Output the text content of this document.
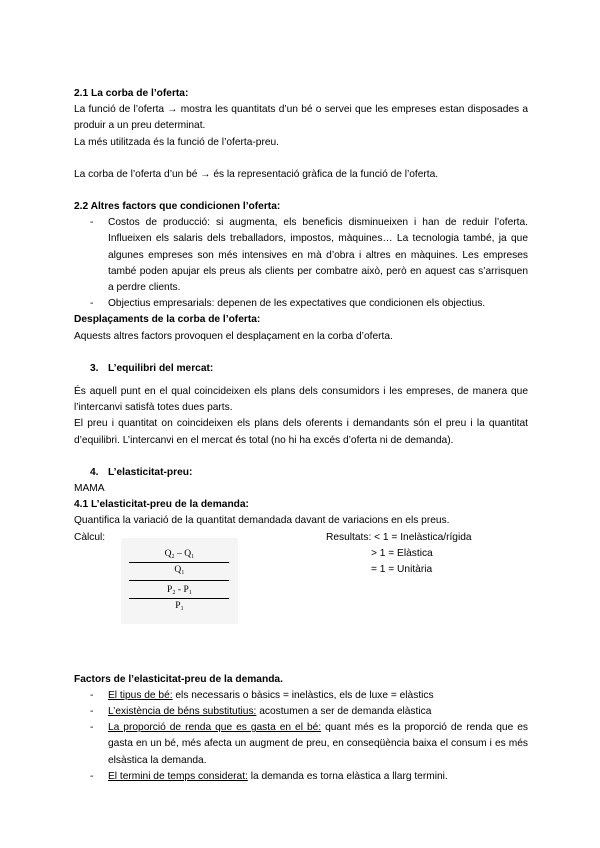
2.1 La corba de l’oferta:

La funció de l’oferta → mostra les quantitats d’un bé o servei que les empreses estan disposades a produir a un preu determinat.

La més utilitzada és la funció de l’oferta-preu.

La corba de l’oferta d’un bé → és la representació gràfica de la funció de l’oferta.

2.2 Altres factors que condicionen l’oferta:

- Costos de producció: si augmenta, els beneficis disminueixen i han de reduir l’oferta. Influeixen els salaris dels treballadors, impostos, màquines… La tecnologia també, ja que algunes empreses son més intensives en mà d’obra i altres en màquines. Les empreses també poden apujar els preus als clients per combatre això, però en aquest cas s’arrisquen a perdre clients.
- Objectius empresarials: depenen de les expectatives que condicionen els objectius.

Desplaçaments de la corba de l’oferta:

Aquests altres factors provoquen el desplaçament en la corba d’oferta.

3. L’equilibri del mercat:

És aquell punt en el qual coincideixen els plans dels consumidors i les empreses, de manera que l’intercanvi satisfà totes dues parts.

El preu i quantitat on coincideixen els plans dels oferents i demandants són el preu i la quantitat d’equilibri. L’intercanvi en el mercat és total (no hi ha excés d’oferta ni de demanda).

4. L’elasticitat-preu:

MAMA

4.1 L’elasticitat-preu de la demanda:

Quantifica la variació de la quantitat demandada davant de variacions en els preus.

Càlcul:

Q₂ – Q₁
Q₁
P₂ - P₁
P₁

Resultats: < 1 = Inelàstica/rígida

> 1 = Elàstica

= 1 = Unitària

Factors de l’elasticitat-preu de la demanda.

- El tipus de bé: els necessaris o bàsics = inelàstics, els de luxe = elàstics
- L’existència de béns substitutius: acostumen a ser de demanda elàstica
- La proporció de renda que es gasta en el bé: quant més es la proporció de renda que es gasta en un bé, més afecta un augment de preu, en conseqüència baixa el consum i es més elsàstica la demanda.
- El termini de temps considerat: la demanda es torna elàstica a llarg termini.
